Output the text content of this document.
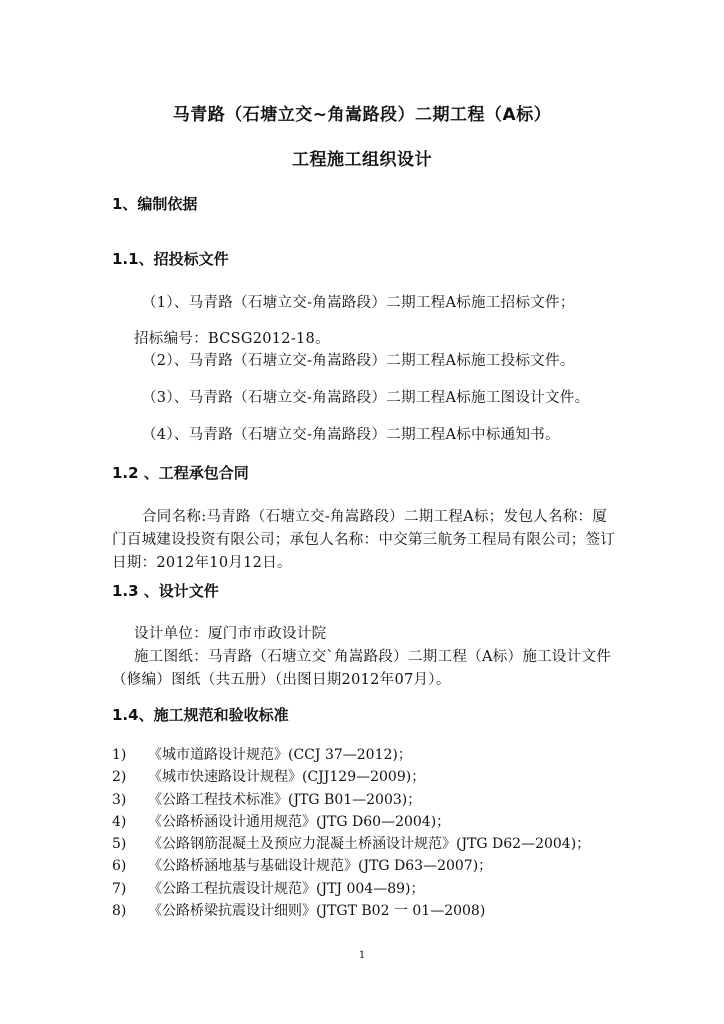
马青路（石塘立交~角嵩路段）二期工程（A标）
工程施工组织设计
1、编制依据
1.1、招投标文件

（1）、马青路（石塘立交-角嵩路段）二期工程A标施工招标文件；

招标编号：BCSG2012-18。

（2）、马青路（石塘立交-角嵩路段）二期工程A标施工投标文件。

（3）、马青路（石塘立交-角嵩路段）二期工程A标施工图设计文件。

（4）、马青路（石塘立交-角嵩路段）二期工程A标中标通知书。

1.2 、工程承包合同

合同名称:马青路（石塘立交-角嵩路段）二期工程A标；发包人名称：厦门百城建设投资有限公司；承包人名称：中交第三航务工程局有限公司；签订日期：2012年10月12日。

1.3 、设计文件

设计单位：厦门市市政设计院

施工图纸：马青路（石塘立交`角嵩路段）二期工程（A标）施工设计文件（修编）图纸（共五册）（出图日期2012年07月）。

1.4、施工规范和验收标准
1) 《城市道路设计规范》(CCJ 37—2012)；
2) 《城市快速路设计规程》(CJJ129—2009)；
3) 《公路工程技术标准》(JTG B01—2003)；
4) 《公路桥涵设计通用规范》(JTG D60—2004)；
5) 《公路钢筋混凝土及预应力混凝土桥涵设计规范》(JTG D62—2004)；
6) 《公路桥涵地基与基础设计规范》(JTG D63—2007)；
7) 《公路工程抗震设计规范》(JTJ 004—89)；
8) 《公路桥梁抗震设计细则》(JTGT B02 一 01—2008)
1
